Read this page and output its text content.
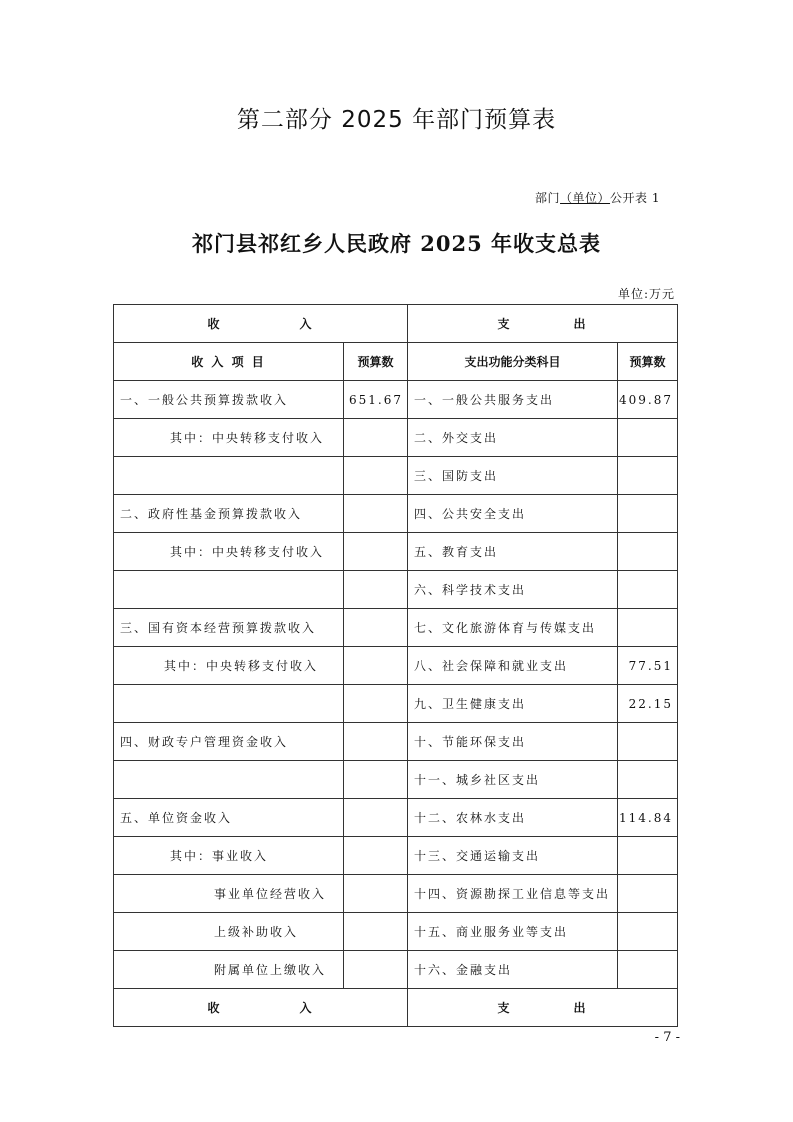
第二部分 2025 年部门预算表
部门（单位）公开表 1
祁门县祁红乡人民政府 2025 年收支总表
单位:万元
收 入		支 出	
收 入 项 目	预算数	支出功能分类科目	预算数
一、一般公共预算拨款收入	651.67	一、一般公共服务支出	409.87
其中：中央转移支付收入		二、外交支出	
		三、国防支出	
二、政府性基金预算拨款收入		四、公共安全支出	
其中：中央转移支付收入		五、教育支出	
		六、科学技术支出	
三、国有资本经营预算拨款收入		七、文化旅游体育与传媒支出	
其中：中央转移支付收入		八、社会保障和就业支出	77.51
		九、卫生健康支出	22.15
四、财政专户管理资金收入		十、节能环保支出	
		十一、城乡社区支出	
五、单位资金收入		十二、农林水支出	114.84
其中：事业收入		十三、交通运输支出	
事业单位经营收入		十四、资源勘探工业信息等支出	
上级补助收入		十五、商业服务业等支出	
附属单位上缴收入		十六、金融支出	
收 入		支 出	
- 7 -
